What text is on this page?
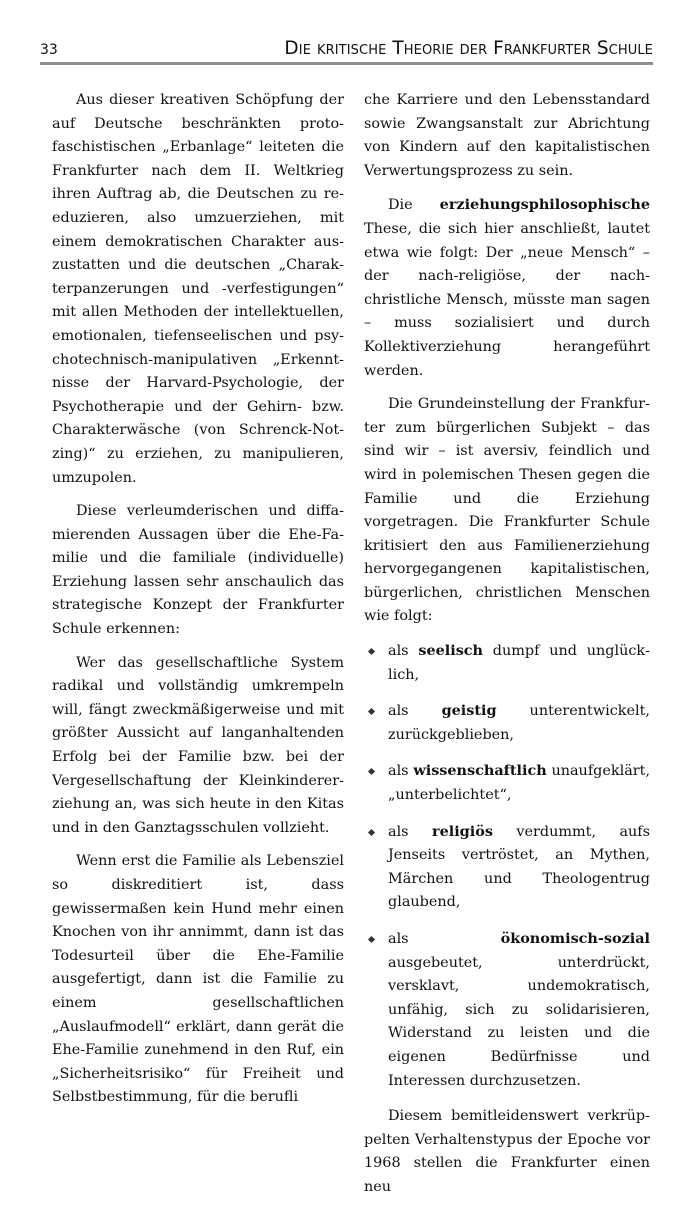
33	Die kritische Theorie der Frankfurter Schule

Aus dieser kreativen Schöpfung der auf Deutsche beschränkten protofaschistischen „Erbanlage“ leiteten die Frankfurter nach dem II. Weltkrieg ihren Auftrag ab, die Deutschen zu re-eduzieren, also umzuerziehen, mit einem demokratischen Charakter auszustatten und die deutschen „Charakterpanzerungen und -verfestigungen“ mit allen Methoden der intellektuellen, emotionalen, tiefenseelischen und psychotechnisch-manipulativen „Erkenntnisse der Harvard-Psychologie, der Psychotherapie und der Gehirn- bzw. Charakterwäsche (von Schrenck-Notzing)“ zu erziehen, zu manipulieren, umzupolen.

Diese verleumderischen und diffamierenden Aussagen über die Ehe-Familie und die familiale (individuelle) Erziehung lassen sehr anschaulich das strategische Konzept der Frankfurter Schule erkennen:

Wer das gesellschaftliche System radikal und vollständig umkrempeln will, fängt zweckmäßigerweise und mit größter Aussicht auf langanhaltenden Erfolg bei der Familie bzw. bei der Vergesellschaftung der Kleinkindererziehung an, was sich heute in den Kitas und in den Ganztagsschulen vollzieht.

Wenn erst die Familie als Lebensziel so diskreditiert ist, dass gewissermaßen kein Hund mehr einen Knochen von ihr annimmt, dann ist das Todesurteil über die Ehe-Familie ausgefertigt, dann ist die Familie zu einem gesellschaftlichen „Auslaufmodell“ erklärt, dann gerät die Ehe-Familie zunehmend in den Ruf, ein „Sicherheitsrisiko“ für Freiheit und Selbstbestimmung, für die berufli

che Karriere und den Lebensstandard sowie Zwangsanstalt zur Abrichtung von Kindern auf den kapitalistischen Verwertungsprozess zu sein.

Die erziehungsphilosophische These, die sich hier anschließt, lautet etwa wie folgt: Der „neue Mensch“ – der nach-religiöse, der nach-christliche Mensch, müsste man sagen – muss sozialisiert und durch Kollektiverziehung herangeführt werden.

Die Grundeinstellung der Frankfurter zum bürgerlichen Subjekt – das sind wir – ist aversiv, feindlich und wird in polemischen Thesen gegen die Familie und die Erziehung vorgetragen. Die Frankfurter Schule kritisiert den aus Familienerziehung hervorgegangenen kapitalistischen, bürgerlichen, christlichen Menschen wie folgt:

als seelisch dumpf und unglücklich,
als geistig unterentwickelt, zurückgeblieben,
als wissenschaftlich unaufgeklärt, „unterbelichtet“,
als religiös verdummt, aufs Jenseits vertröstet, an Mythen, Märchen und Theologentrug glaubend,
als	ökonomisch-sozial ausgebeutet, unterdrückt, versklavt, undemokratisch, unfähig, sich zu solidarisieren, Widerstand zu leisten und die eigenen Bedürfnisse und Interessen durchzusetzen.

Diesem bemitleidenswert verkrüppelten Verhaltenstypus der Epoche vor 1968 stellen die Frankfurter einen neu
